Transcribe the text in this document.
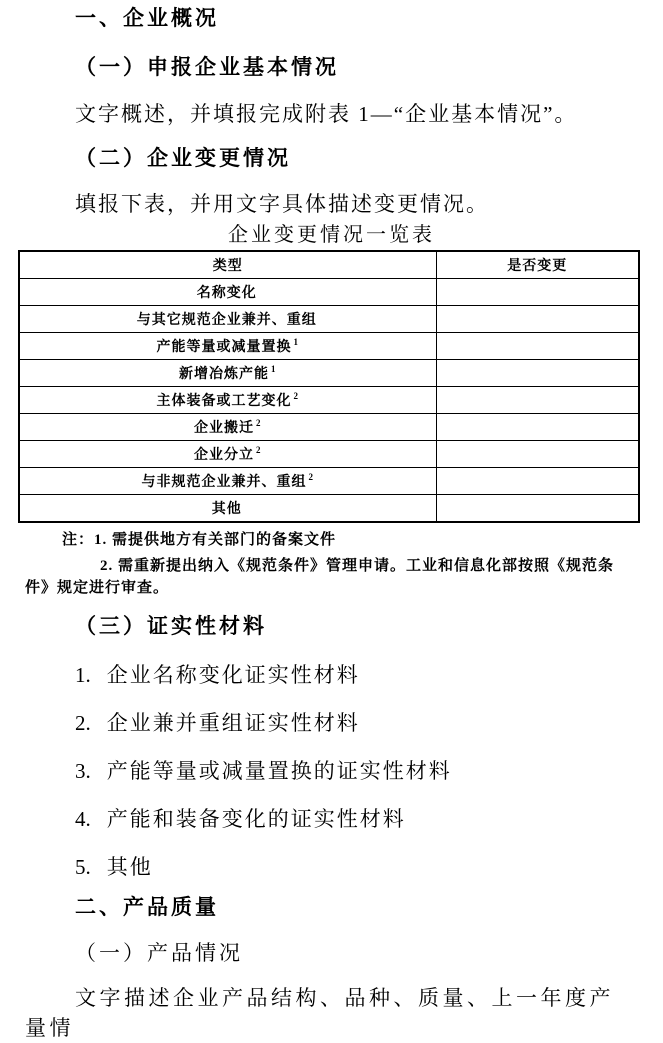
一、企业概况
（一）申报企业基本情况

文字概述，并填报完成附表 1—“企业基本情况”。

（二）企业变更情况

填报下表，并用文字具体描述变更情况。

企业变更情况一览表
类型	是否变更
名称变化	
与其它规范企业兼并、重组	
产能等量或减量置换 $^1$	
新增冶炼产能 $^1$	
主体装备或工艺变化 $^2$	
企业搬迁 $^2$	
企业分立 $^2$	
与非规范企业兼并、重组 $^2$	
其他	
注：1. 需提供地方有关部门的备案文件
2. 需重新提出纳入《规范条件》管理申请。工业和信息化部按照《规范条件》规定进行审查。
（三）证实性材料
1. 企业名称变化证实性材料
2. 企业兼并重组证实性材料
3. 产能等量或减量置换的证实性材料
4. 产能和装备变化的证实性材料
5. 其他
二、产品质量
（一）产品情况

文字描述企业产品结构、品种、质量、上一年度产量情
